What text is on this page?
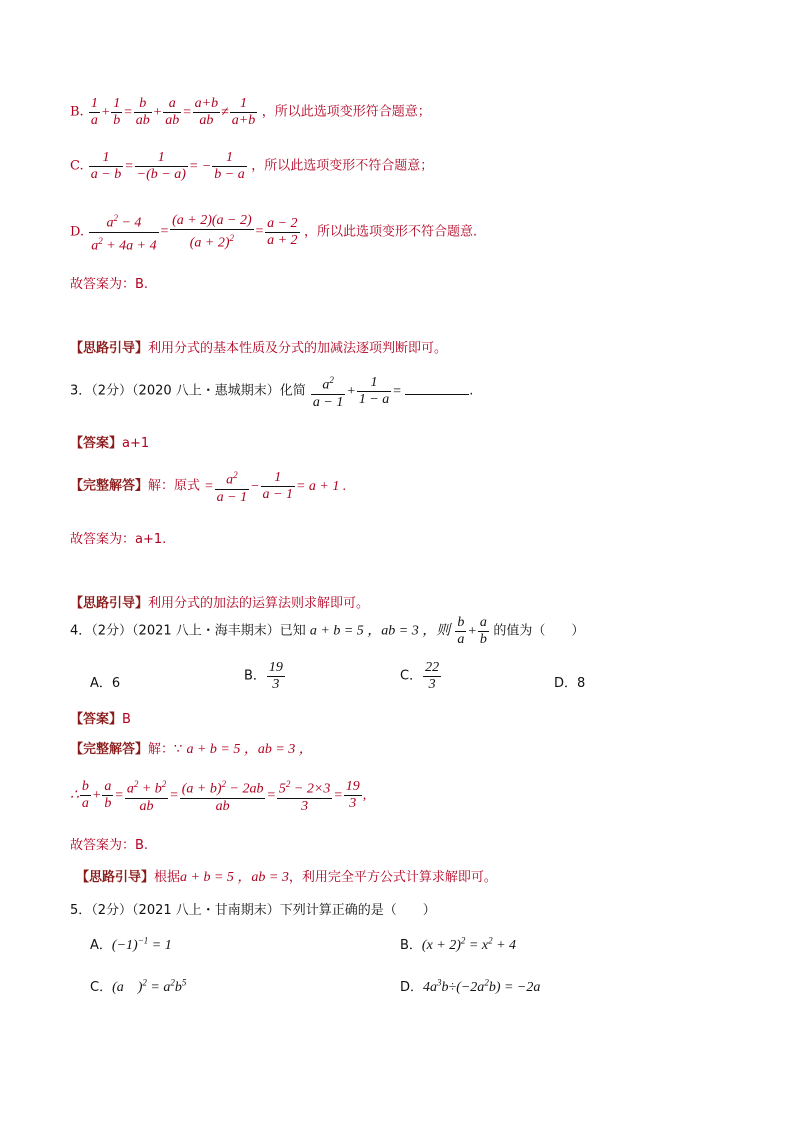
B. $\frac{1}{a} + \frac{1}{b} = \frac{b}{ab} + \frac{a}{ab} = \frac{a+b}{ab} \ne \frac{1}{a+b}$ ，所以此选项变形符合题意；
C. $\frac{1}{a - b} = \frac{1}{-(b - a)}$ = − $\frac{1}{b - a}$ ，所以此选项变形不符合题意；
D. $\frac{a^2 - 4}{a^2 + 4a + 4} = \frac{(a + 2)(a - 2)}{(a + 2)^2} = \frac{a - 2}{a + 2}$ ，所以此选项变形不符合题意.
故答案为：B.
【思路引导】利用分式的基本性质及分式的加减法逐项判断即可。
3．（2分）（2020 八上・惠城期末）化简 $\frac{a^2}{a - 1} + \frac{1}{1 - a}$ =	.
【答案】a+1
【完整解答】解：原式 = $\frac{a^2}{a - 1} - \frac{1}{a - 1} = a + 1$ .
故答案为：a+1.
【思路引导】利用分式的加法的运算法则求解即可。
4．（2分）（2021 八上・海丰期末）已知 a + b = 5 ，ab = 3 ，则 $\frac{b}{a} + \frac{a}{b}$ 的值为（　　）
A．6	B． $\frac{19}{3}$	C． $\frac{22}{3}$	D．8
【答案】B
【完整解答】解：∵ a + b = 5 ，ab = 3 ，
∴ $\frac{b}{a} + \frac{a}{b} = \frac{a^2 + b^2}{ab} = \frac{(a + b)^2 - 2ab}{ab} = \frac{5^2 - 2\times 3}{3} = \frac{19}{3}$ ,
故答案为：B.
【思路引导】根据a + b = 5 ，ab = 3，利用完全平方公式计算求解即可。
5．（2分）（2021 八上・甘南期末）下列计算正确的是（　　）
A．$(-1)^{-1} = 1$	B．$(x + 2)^2 = x^2 + 4$
C．(a　)$^2 = a^2b^5$	D．$4a^3b\div(-2a^2b) = -2a$
